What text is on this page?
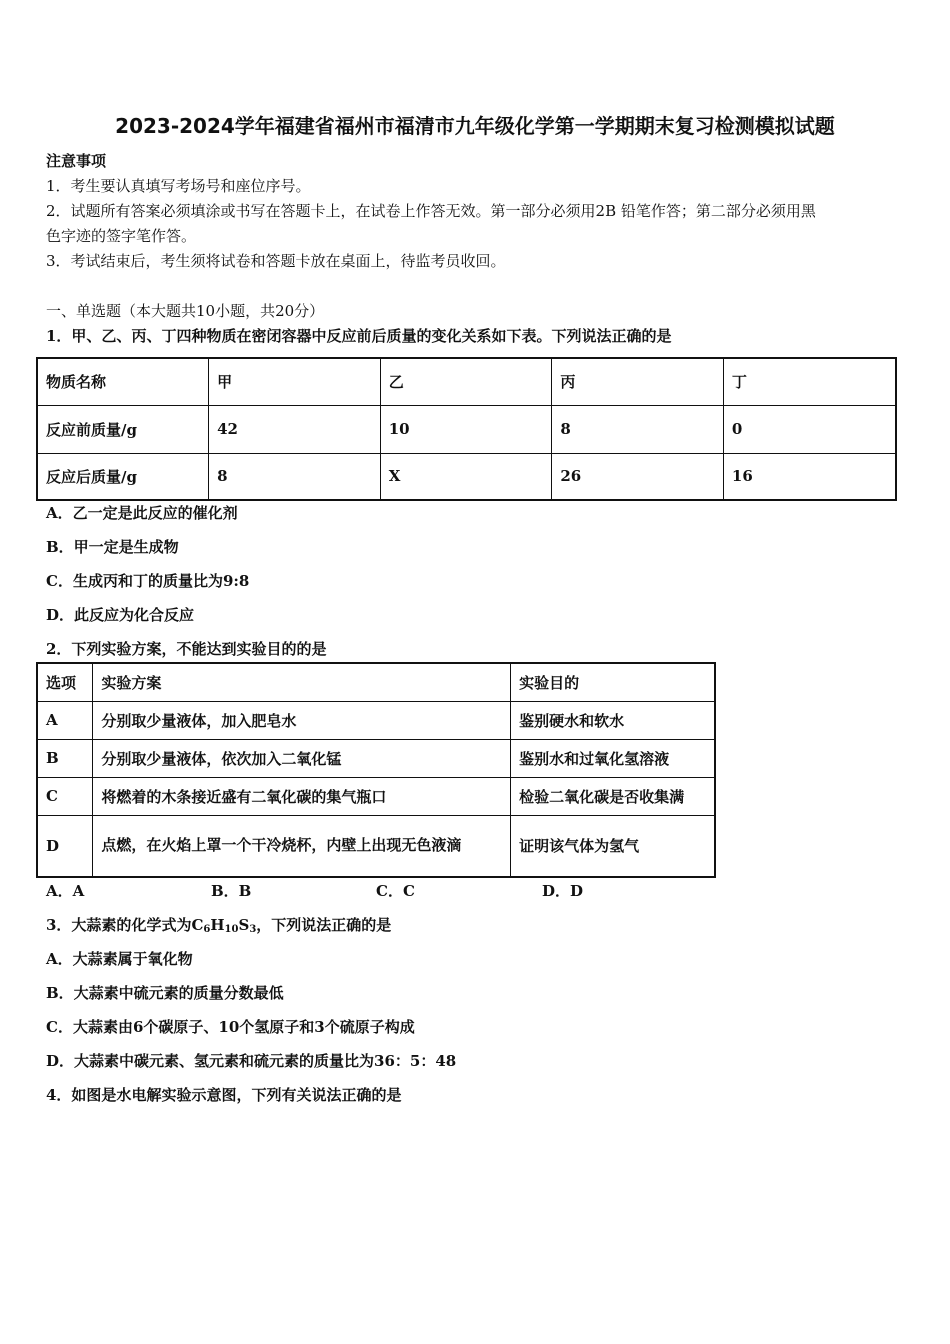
2023-2024学年福建省福州市福清市九年级化学第一学期期末复习检测模拟试题
注意事项
1．考生要认真填写考场号和座位序号。
2．试题所有答案必须填涂或书写在答题卡上，在试卷上作答无效。第一部分必须用2B 铅笔作答；第二部分必须用黑
色字迹的签字笔作答。
3．考试结束后，考生须将试卷和答题卡放在桌面上，待监考员收回。
一、单选题（本大题共10小题，共20分）
1．甲、乙、丙、丁四种物质在密闭容器中反应前后质量的变化关系如下表。下列说法正确的是
物质名称	甲	乙	丙	丁
反应前质量/g	42	10	8	0
反应后质量/g	8	X	26	16
A．乙一定是此反应的催化剂
B．甲一定是生成物
C．生成丙和丁的质量比为9:8
D．此反应为化合反应
2．下列实验方案，不能达到实验目的的是
选项	实验方案	实验目的
A	分别取少量液体，加入肥皂水	鉴别硬水和软水
B	分别取少量液体，依次加入二氧化锰	鉴别水和过氧化氢溶液
C	将燃着的木条接近盛有二氧化碳的集气瓶口	检验二氧化碳是否收集满
D	点燃，在火焰上罩一个干冷烧杯，内壁上出现无色液滴	证明该气体为氢气
A．A	B．B	C．C	D．D
3．大蒜素的化学式为$C_6H_{10}S_3$，下列说法正确的是
A．大蒜素属于氧化物
B．大蒜素中硫元素的质量分数最低
C．大蒜素由6个碳原子、10个氢原子和3个硫原子构成
D．大蒜素中碳元素、氢元素和硫元素的质量比为36：5：48
4．如图是水电解实验示意图，下列有关说法正确的是
